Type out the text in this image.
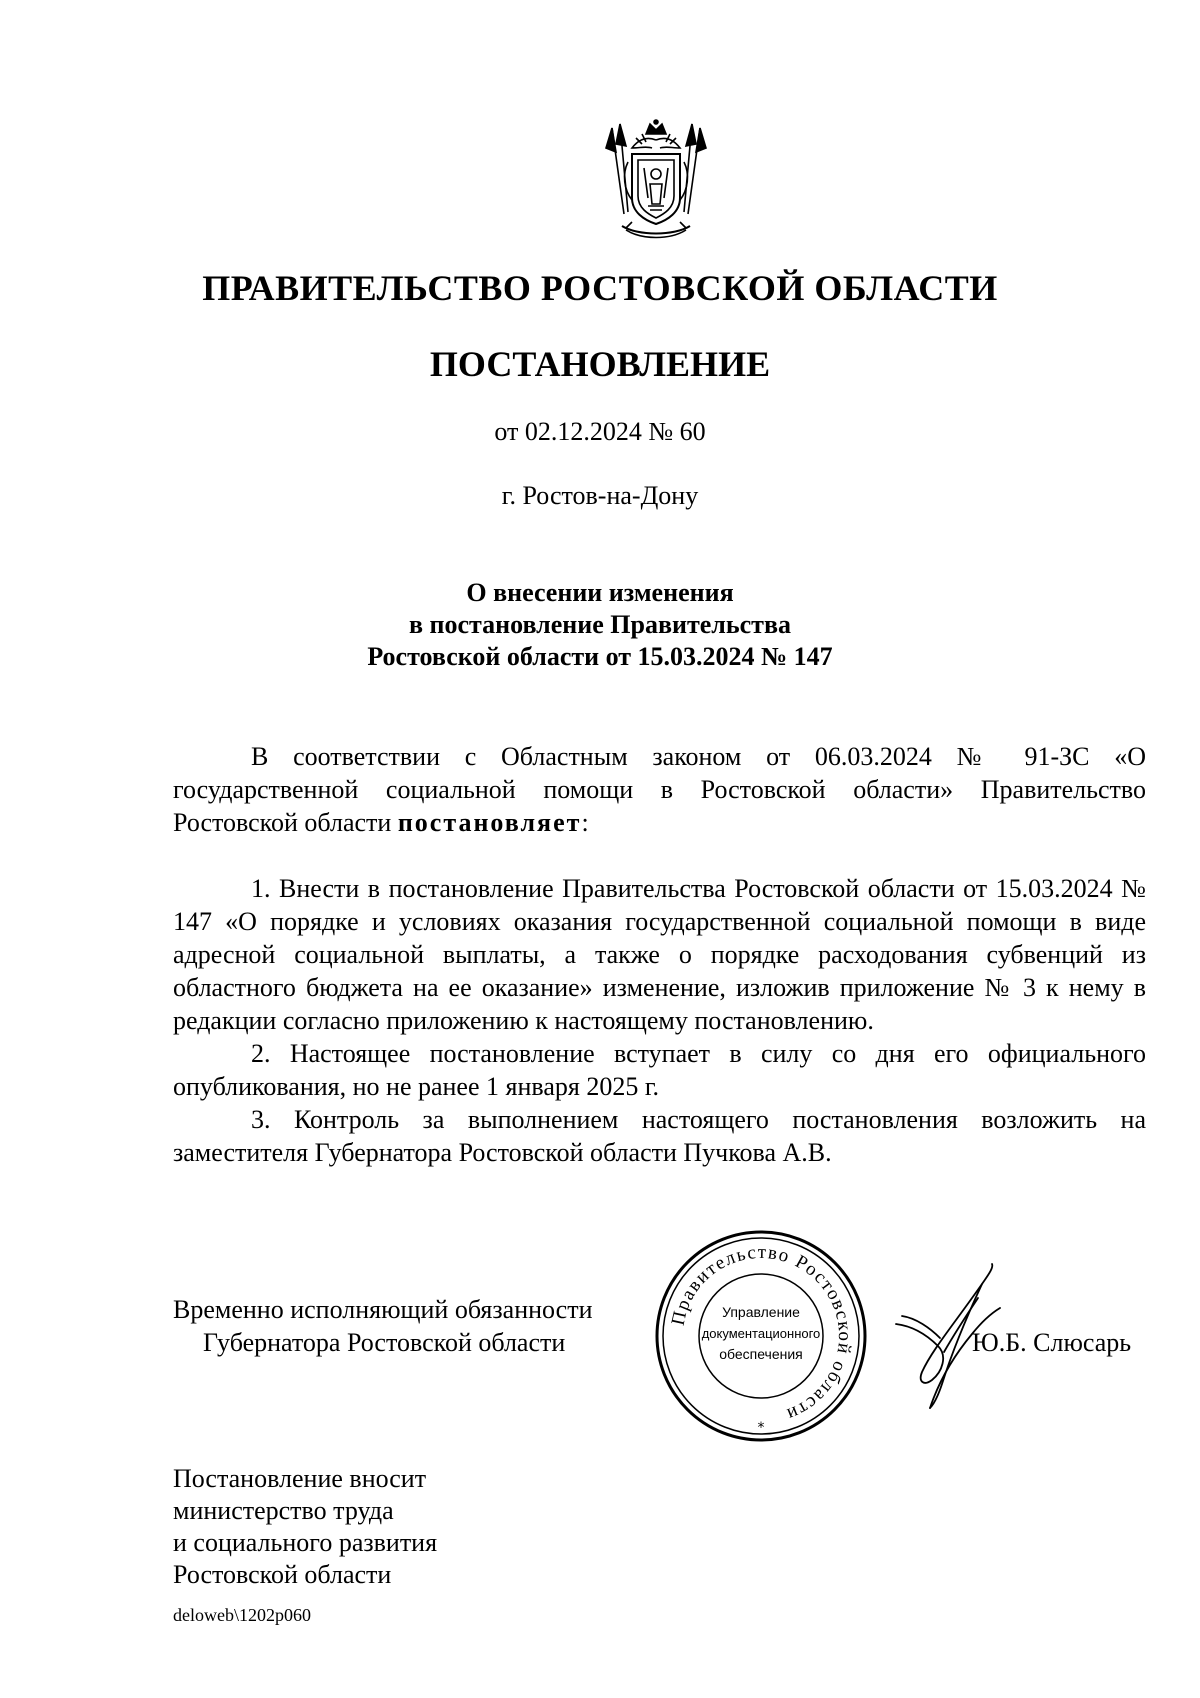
ПРАВИТЕЛЬСТВО РОСТОВСКОЙ ОБЛАСТИ
ПОСТАНОВЛЕНИЕ
от 02.12.2024 № 60
г. Ростов-на-Дону
О внесении изменения
в постановление Правительства
Ростовской области от 15.03.2024 № 147

В соответствии с Областным законом от 06.03.2024 № 91-ЗС «О государственной социальной помощи в Ростовской области» Правительство Ростовской области постановляет:

1. Внести в постановление Правительства Ростовской области от 15.03.2024 № 147 «О порядке и условиях оказания государственной социальной помощи в виде адресной социальной выплаты, а также о порядке расходования субвенций из областного бюджета на ее оказание» изменение, изложив приложение № 3 к нему в редакции согласно приложению к настоящему постановлению.

2. Настоящее постановление вступает в силу со дня его официального опубликования, но не ранее 1 января 2025 г.

3. Контроль за выполнением настоящего постановления возложить на заместителя Губернатора Ростовской области Пучкова А.В.

Временно исполняющий обязанности
Губернатора Ростовской области
Правительство Ростовской области
Управление
документационного
обеспечения
*
Ю.Б. Слюсарь
Постановление вносит
министерство труда
и социального развития
Ростовской области
deloweb\1202p060
